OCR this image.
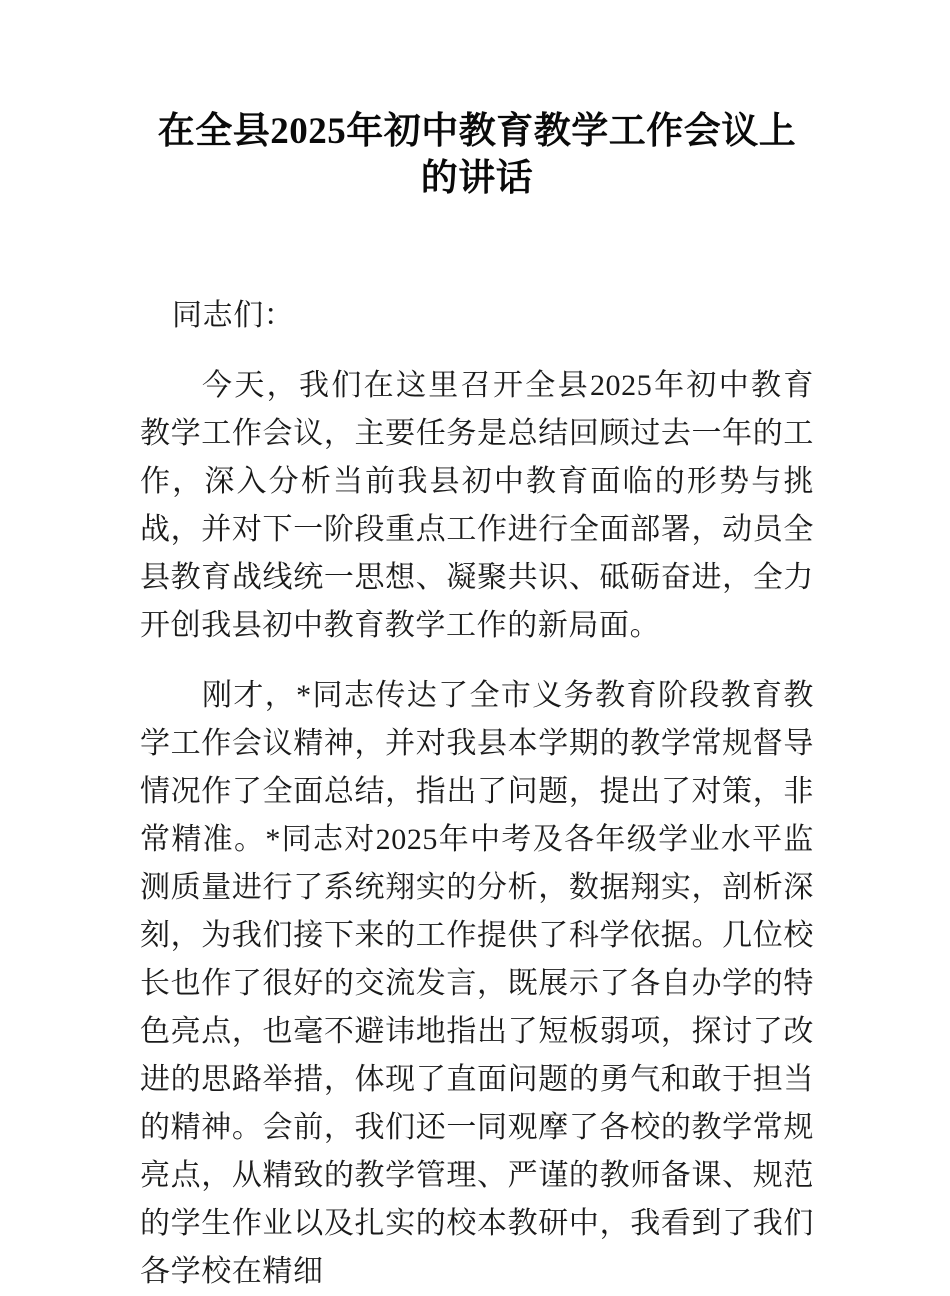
在全县2025年初中教育教学工作会议上的讲话

同志们：

今天，我们在这里召开全县2025年初中教育教学工作会议，主要任务是总结回顾过去一年的工作，深入分析当前我县初中教育面临的形势与挑战，并对下一阶段重点工作进行全面部署，动员全县教育战线统一思想、凝聚共识、砥砺奋进，全力开创我县初中教育教学工作的新局面。

刚才，*同志传达了全市义务教育阶段教育教学工作会议精神，并对我县本学期的教学常规督导情况作了全面总结，指出了问题，提出了对策，非常精准。*同志对2025年中考及各年级学业水平监测质量进行了系统翔实的分析，数据翔实，剖析深刻，为我们接下来的工作提供了科学依据。几位校长也作了很好的交流发言，既展示了各自办学的特色亮点，也毫不避讳地指出了短板弱项，探讨了改进的思路举措，体现了直面问题的勇气和敢于担当的精神。会前，我们还一同观摩了各校的教学常规亮点，从精致的教学管理、严谨的教师备课、规范的学生作业以及扎实的校本教研中，我看到了我们各学校在精细
